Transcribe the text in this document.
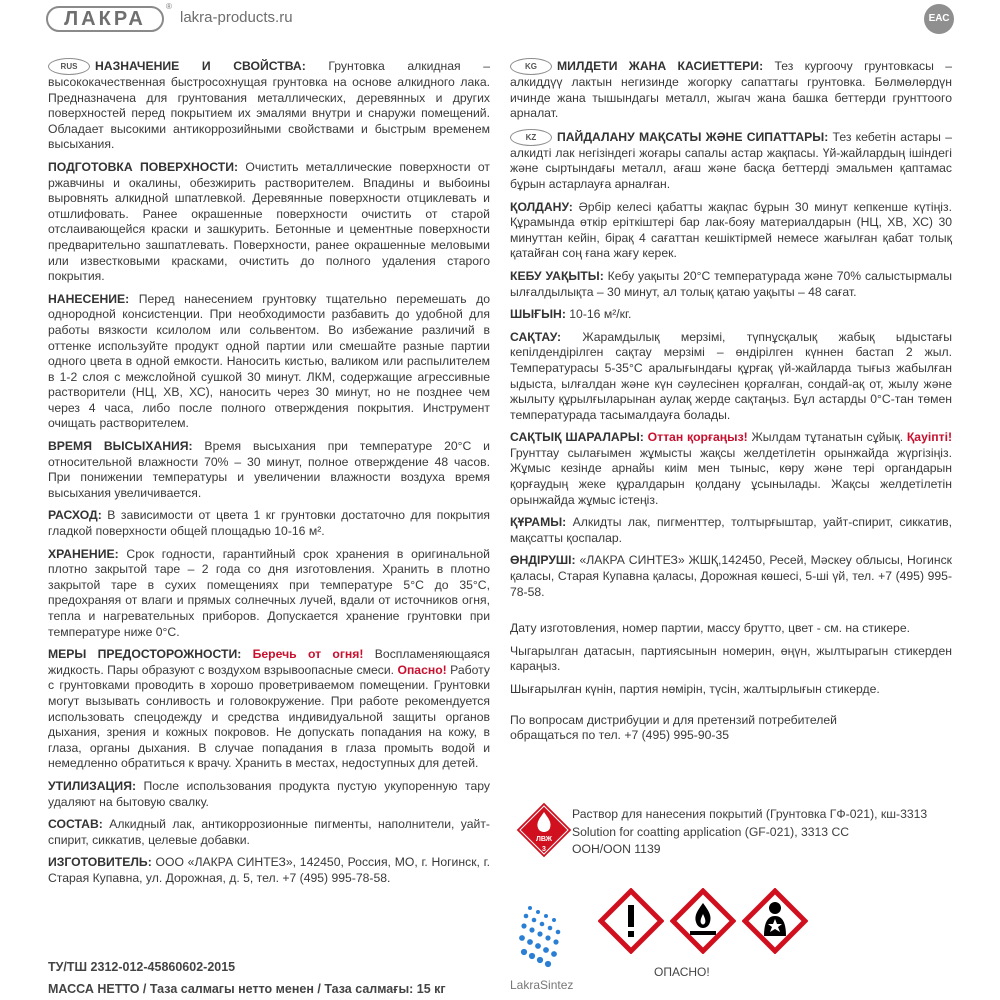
ЛАКРА
®
lakra-products.ru	ЕАС

RUS НАЗНАЧЕНИЕ И СВОЙСТВА: Грунтовка алкидная – высококачественная быстросохнущая грунтовка на основе алкидного лака. Предназначена для грунтования металлических, деревянных и других поверхностей перед покрытием их эмалями внутри и снаружи помещений. Обладает высокими антикоррозийными свойствами и быстрым временем высыхания.

ПОДГОТОВКА ПОВЕРХНОСТИ: Очистить металлические поверхности от ржавчины и окалины, обезжирить растворителем. Впадины и выбоины выровнять алкидной шпатлевкой. Деревянные поверхности отциклевать и отшлифовать. Ранее окрашенные поверхности очистить от старой отслаивающейся краски и зашкурить. Бетонные и цементные поверхности предварительно зашпатлевать. Поверхности, ранее окрашенные меловыми или известковыми красками, очистить до полного удаления старого покрытия.

НАНЕСЕНИЕ: Перед нанесением грунтовку тщательно перемешать до однородной консистенции. При необходимости разбавить до удобной для работы вязкости ксилолом или сольвентом. Во избежание различий в оттенке используйте продукт одной партии или смешайте разные партии одного цвета в одной емкости. Наносить кистью, валиком или распылителем в 1-2 слоя с межслойной сушкой 30 минут. ЛКМ, содержащие агрессивные растворители (НЦ, ХВ, ХС), наносить через 30 минут, но не позднее чем через 4 часа, либо после полного отверждения покрытия. Инструмент очищать растворителем.

ВРЕМЯ ВЫСЫХАНИЯ: Время высыхания при температуре 20°С и относительной влажности 70% – 30 минут, полное отверждение 48 часов. При понижении температуры и увеличении влажности воздуха время высыхания увеличивается.

РАСХОД: В зависимости от цвета 1 кг грунтовки достаточно для покрытия гладкой поверхности общей площадью 10-16 м².

ХРАНЕНИЕ: Срок годности, гарантийный срок хранения в оригинальной плотно закрытой таре – 2 года со дня изготовления. Хранить в плотно закрытой таре в сухих помещениях при температуре 5°С до 35°С, предохраняя от влаги и прямых солнечных лучей, вдали от источников огня, тепла и нагревательных приборов. Допускается хранение грунтовки при температуре ниже 0°С.

МЕРЫ ПРЕДОСТОРОЖНОСТИ: Беречь от огня! Воспламеняющаяся жидкость. Пары образуют с воздухом взрывоопасные смеси. Опасно! Работу с грунтовками проводить в хорошо проветриваемом помещении. Грунтовки могут вызывать сонливость и головокружение. При работе рекомендуется использовать спецодежду и средства индивидуальной защиты органов дыхания, зрения и кожных покровов. Не допускать попадания на кожу, в глаза, органы дыхания. В случае попадания в глаза промыть водой и немедленно обратиться к врачу. Хранить в местах, недоступных для детей.

УТИЛИЗАЦИЯ: После использования продукта пустую укупоренную тару удаляют на бытовую свалку.

СОСТАВ: Алкидный лак, антикоррозионные пигменты, наполнители, уайт-спирит, сиккатив, целевые добавки.

ИЗГОТОВИТЕЛЬ: ООО «ЛАКРА СИНТЕЗ», 142450, Россия, МО, г. Ногинск, г. Старая Купавна, ул. Дорожная, д. 5, тел. +7 (495) 995-78-58.

ТУ/ТШ 2312-012-45860602-2015
МАССА НЕТТО / Таза салмагы нетто менен / Таза салмағы: 15 кг

KG МИЛДЕТИ ЖАНА КАСИЕТТЕРИ: Тез кургоочу грунтовкасы – алкиддүү лактын негизинде жогорку сапаттагы грунтовка. Бөлмөлөрдүн ичинде жана тышындагы металл, жыгач жана башка беттерди грунттоого арналат.

KZ ПАЙДАЛАНУ МАҚСАТЫ ЖӘНЕ СИПАТТАРЫ: Тез кебетін астары – алкидті лак негізіндегі жоғары сапалы астар жақпасы. Үй-жайлардың ішіндегі және сыртындағы металл, ағаш және басқа беттерді эмальмен қаптамас бұрын астарлауға арналған.

ҚОЛДАНУ: Әрбір келесі қабатты жақпас бұрын 30 минут кепкенше күтіңіз. Құрамында өткір еріткіштері бар лак-бояу материалдарын (НЦ, ХВ, ХС) 30 минуттан кейін, бірақ 4 сағаттан кешіктірмей немесе жағылған қабат толық қатайған соң ғана жағу керек.

КЕБУ УАҚЫТЫ: Кебу уақыты 20°С температурада және 70% салыстырмалы ылғалдылықта – 30 минут, ал толық қатаю уақыты – 48 сағат.

ШЫҒЫН: 10-16 м²/кг.

САҚТАУ: Жарамдылық мерзімі, түпнұсқалық жабық ыдыстағы кепілдендірілген сақтау мерзімі – өндірілген күннен бастап 2 жыл. Температурасы 5-35°С аралығындағы құрғақ үй-жайларда тығыз жабылған ыдыста, ылғалдан және күн сәулесінен қорғалған, сондай-ақ от, жылу және жылыту құрылғыларынан аулақ жерде сақтаңыз. Бұл астарды 0°С-тан төмен температурада тасымалдауға болады.

САҚТЫҚ ШАРАЛАРЫ: Оттан қорғаңыз! Жылдам тұтанатын сұйық. Қауіпті! Грунттау сылағымен жұмысты жақсы желдетілетін орынжайда жүргізіңіз. Жұмыс кезінде арнайы киім мен тыныс, көру және тері органдарын қорғаудың жеке құралдарын қолдану ұсынылады. Жақсы желдетілетін орынжайда жұмыс істеңіз.

ҚҰРАМЫ: Алкидты лак, пигменттер, толтырғыштар, уайт-спирит, сиккатив, мақсатты қоспалар.

ӨНДІРУШІ: «ЛАКРА СИНТЕЗ» ЖШҚ,142450, Ресей, Мәскеу облысы, Ногинск қаласы, Старая Купавна қаласы, Дорожная көшесі, 5-ші үй, тел. +7 (495) 995-78-58.

Дату изготовления, номер партии, массу брутто, цвет - см. на стикере.

Чыгарылган датасын, партиясынын номерин, өңүн, жылтырагын стикерден караңыз.

Шығарылған күнін, партия нөмірін, түсін, жалтырлығын стикерде.

По вопросам дистрибуции и для претензий потребителей
обращаться по тел. +7 (495) 995-90-35

ЛВЖ
3
Раствор для нанесения покрытий (Грунтовка ГФ-021), кш-3313
Solution for coatting application (GF-021), 3313 CC
ООН/ООN 1139
LakraSintez
ОПАСНО!
